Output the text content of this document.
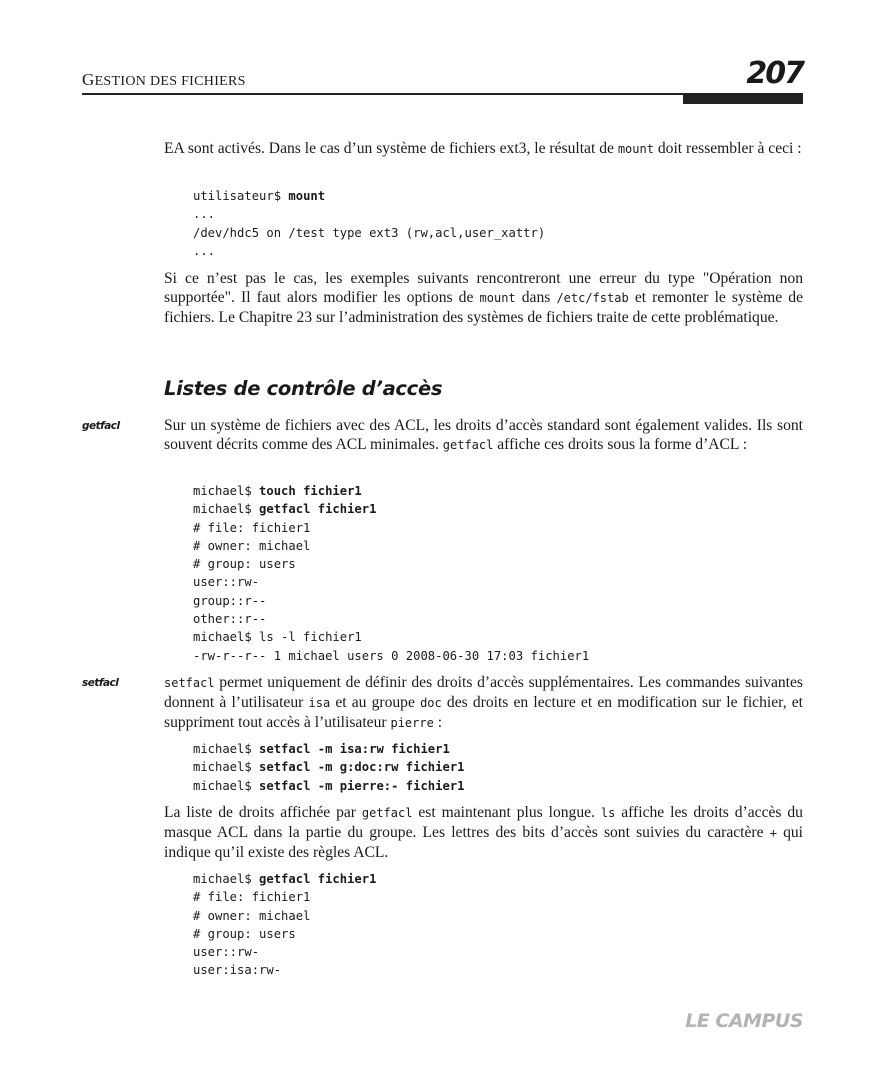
GESTION DES FICHIERS	207
EA sont activés. Dans le cas d’un système de fichiers ext3, le résultat de mount doit ressembler à ceci :
utilisateur$ mount
...
/dev/hdc5 on /test type ext3 (rw,acl,user_xattr)
...
Si ce n’est pas le cas, les exemples suivants rencontreront une erreur du type "Opération non supportée". Il faut alors modifier les options de mount dans /etc/fstab et remonter le système de fichiers. Le Chapitre 23 sur l’administration des systèmes de fichiers traite de cette problématique.
Listes de contrôle d’accès
getfacl	Sur un système de fichiers avec des ACL, les droits d’accès standard sont également valides. Ils sont souvent décrits comme des ACL minimales. getfacl affiche ces droits sous la forme d’ACL :
michael$ touch fichier1
michael$ getfacl fichier1
# file: fichier1
# owner: michael
# group: users
user::rw-
group::r--
other::r--
michael$ ls -l fichier1
-rw-r--r-- 1 michael users 0 2008-06-30 17:03 fichier1
setfacl	setfacl permet uniquement de définir des droits d’accès supplémentaires. Les commandes suivantes donnent à l’utilisateur isa et au groupe doc des droits en lecture et en modification sur le fichier, et suppriment tout accès à l’utilisateur pierre :
michael$ setfacl -m isa:rw fichier1
michael$ setfacl -m g:doc:rw fichier1
michael$ setfacl -m pierre:- fichier1
La liste de droits affichée par getfacl est maintenant plus longue. ls affiche les droits d’accès du masque ACL dans la partie du groupe. Les lettres des bits d’accès sont suivies du caractère + qui indique qu’il existe des règles ACL.
michael$ getfacl fichier1
# file: fichier1
# owner: michael
# group: users
user::rw-
user:isa:rw-
LE CAMPUS
